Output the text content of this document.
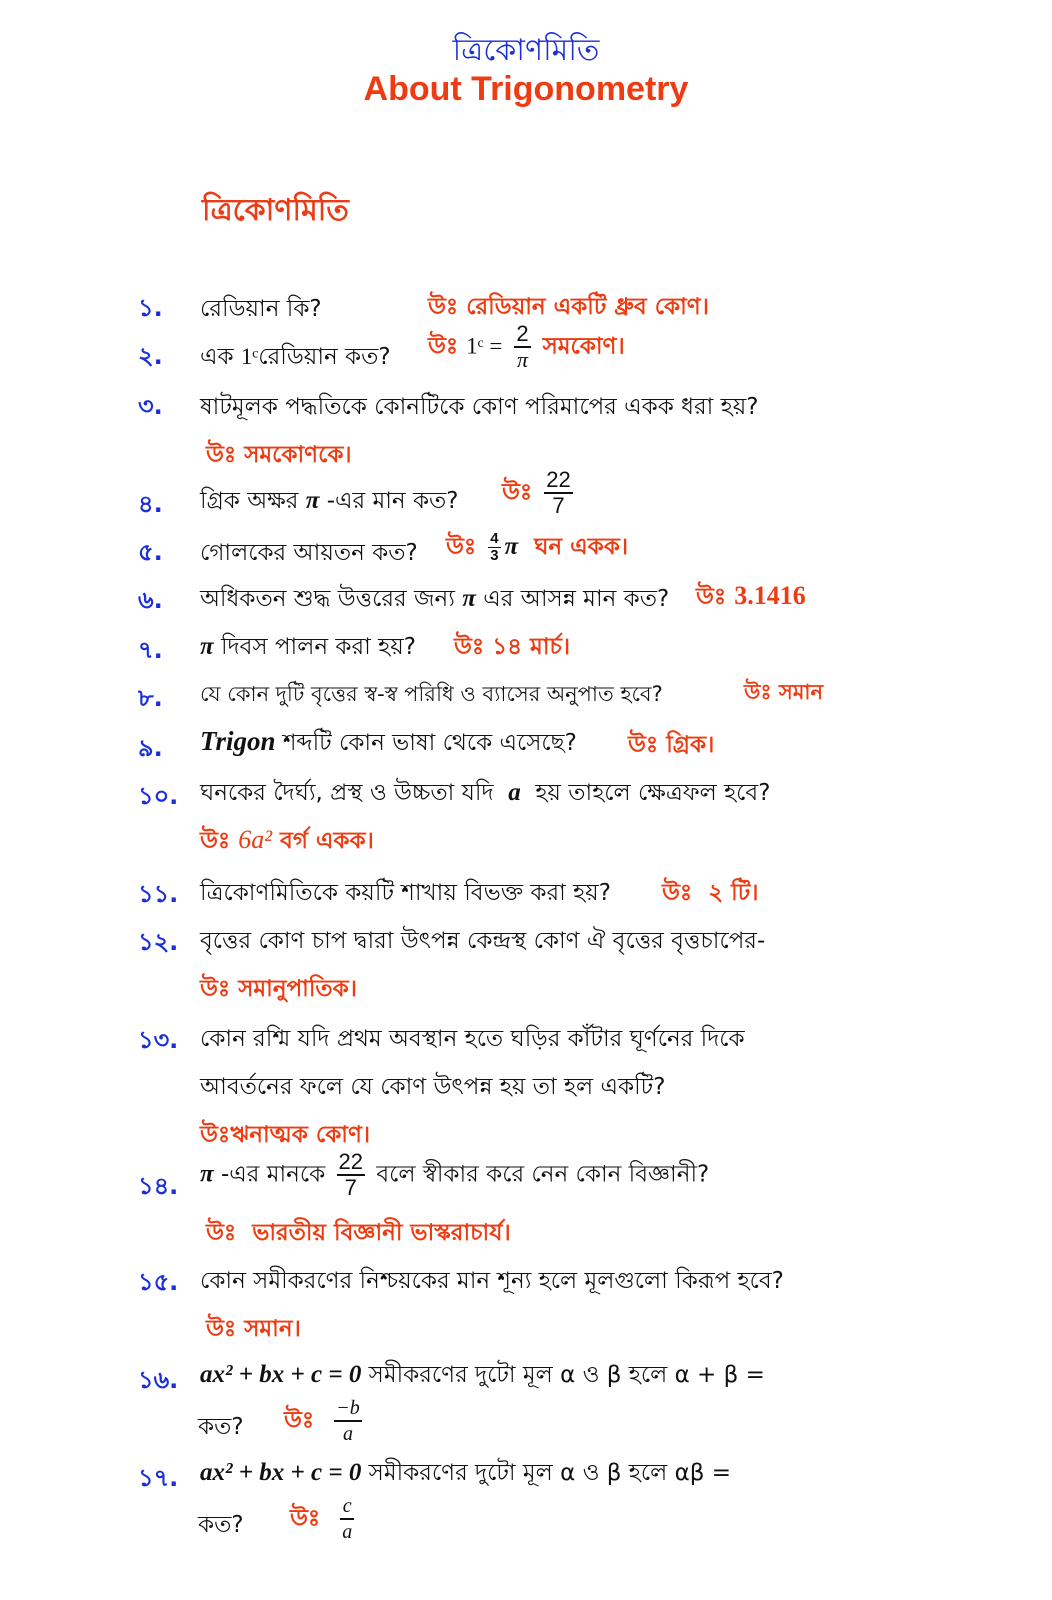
ত্রিকোণমিতি
About Trigonometry
ত্রিকোণমিতি
১. রেডিয়ান কি?	উঃ রেডিয়ান একটি ধ্রুব কোণ।
২. এক 1ᶜরেডিয়ান কত? উঃ 1ᶜ = $\frac{2}{\pi}$ সমকোণ।
৩. ষাটমূলক পদ্ধতিকে কোনটিকে কোণ পরিমাপের একক ধরা হয়?
উঃ সমকোণকে।
৪. গ্রিক অক্ষর π -এর মান কত? উঃ $\frac{22}{7}$
৫. গোলকের আয়তন কত? উঃ $\frac{4}{3}$ π ঘন একক।
৬. অধিকতন শুদ্ধ উত্তরের জন্য π এর আসন্ন মান কত? উঃ 3.1416
৭. π দিবস পালন করা হয়? উঃ ১৪ মার্চ।
৮. যে কোন দুটি বৃত্তের স্ব-স্ব পরিধি ও ব্যাসের অনুপাত হবে?	উঃ সমান
৯. Trigon শব্দটি কোন ভাষা থেকে এসেছে? উঃ গ্রিক।
১০. ঘনকের দৈর্ঘ্য, প্রস্থ ও উচ্চতা যদি a হয় তাহলে ক্ষেত্রফল হবে?
উঃ 6a² বর্গ একক।
১১. ত্রিকোণমিতিকে কয়টি শাখায় বিভক্ত করা হয়? উঃ ২ টি।
১২. বৃত্তের কোণ চাপ দ্বারা উৎপন্ন কেন্দ্রস্থ কোণ ঐ বৃত্তের বৃত্তচাপের-
উঃ সমানুপাতিক।
১৩. কোন রশ্মি যদি প্রথম অবস্থান হতে ঘড়ির কাঁটার ঘূর্ণনের দিকে
আবর্তনের ফলে যে কোণ উৎপন্ন হয় তা হল একটি?
উঃঋনাত্মক কোণ।
১৪. π -এর মানকে $\frac{22}{7}$ বলে স্বীকার করে নেন কোন বিজ্ঞানী?
উঃ ভারতীয় বিজ্ঞানী ভাস্করাচার্য।
১৫. কোন সমীকরণের নিশ্চয়কের মান শূন্য হলে মূলগুলো কিরূপ হবে?
উঃ সমান।
১৬. ax² + bx + c = 0 সমীকরণের দুটো মূল α ও β হলে α + β =
কত? উঃ $\frac{-b}{a}$
১৭. ax² + bx + c = 0 সমীকরণের দুটো মূল α ও β হলে αβ =
কত? উঃ $\frac{c}{a}$
